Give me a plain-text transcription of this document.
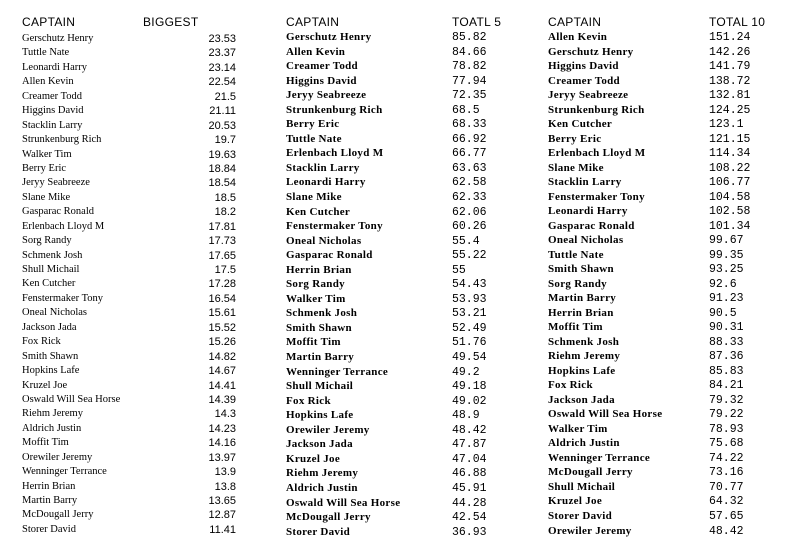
CAPTAIN	BIGGEST
Gerschutz Henry	23.53
Tuttle Nate	23.37
Leonardi Harry	23.14
Allen Kevin	22.54
Creamer Todd	21.5
Higgins David	21.11
Stacklin Larry	20.53
Strunkenburg Rich	19.7
Walker Tim	19.63
Berry Eric	18.84
Jeryy Seabreeze	18.54
Slane Mike	18.5
Gasparac Ronald	18.2
Erlenbach Lloyd M	17.81
Sorg Randy	17.73
Schmenk Josh	17.65
Shull Michail	17.5
Ken Cutcher	17.28
Fenstermaker Tony	16.54
Oneal Nicholas	15.61
Jackson Jada	15.52
Fox Rick	15.26
Smith Shawn	14.82
Hopkins Lafe	14.67
Kruzel Joe	14.41
Oswald Will Sea Horse	14.39
Riehm Jeremy	14.3
Aldrich Justin	14.23
Moffit Tim	14.16
Orewiler Jeremy	13.97
Wenninger Terrance	13.9
Herrin Brian	13.8
Martin Barry	13.65
McDougall Jerry	12.87
Storer David	11.41
CAPTAIN	TOATL 5
Gerschutz Henry	85.82
Allen Kevin	84.66
Creamer Todd	78.82
Higgins David	77.94
Jeryy Seabreeze	72.35
Strunkenburg Rich	68.5
Berry Eric	68.33
Tuttle Nate	66.92
Erlenbach Lloyd M	66.77
Stacklin Larry	63.63
Leonardi Harry	62.58
Slane Mike	62.33
Ken Cutcher	62.06
Fenstermaker Tony	60.26
Oneal Nicholas	55.4
Gasparac Ronald	55.22
Herrin Brian	55
Sorg Randy	54.43
Walker Tim	53.93
Schmenk Josh	53.21
Smith Shawn	52.49
Moffit Tim	51.76
Martin Barry	49.54
Wenninger Terrance	49.2
Shull Michail	49.18
Fox Rick	49.02
Hopkins Lafe	48.9
Orewiler Jeremy	48.42
Jackson Jada	47.87
Kruzel Joe	47.04
Riehm Jeremy	46.88
Aldrich Justin	45.91
Oswald Will Sea Horse	44.28
McDougall Jerry	42.54
Storer David	36.93
CAPTAIN	TOTAL 10
Allen Kevin	151.24
Gerschutz Henry	142.26
Higgins David	141.79
Creamer Todd	138.72
Jeryy Seabreeze	132.81
Strunkenburg Rich	124.25
Ken Cutcher	123.1
Berry Eric	121.15
Erlenbach Lloyd M	114.34
Slane Mike	108.22
Stacklin Larry	106.77
Fenstermaker Tony	104.58
Leonardi Harry	102.58
Gasparac Ronald	101.34
Oneal Nicholas	99.67
Tuttle Nate	99.35
Smith Shawn	93.25
Sorg Randy	92.6
Martin Barry	91.23
Herrin Brian	90.5
Moffit Tim	90.31
Schmenk Josh	88.33
Riehm Jeremy	87.36
Hopkins Lafe	85.83
Fox Rick	84.21
Jackson Jada	79.32
Oswald Will Sea Horse	79.22
Walker Tim	78.93
Aldrich Justin	75.68
Wenninger Terrance	74.22
McDougall Jerry	73.16
Shull Michail	70.77
Kruzel Joe	64.32
Storer David	57.65
Orewiler Jeremy	48.42
